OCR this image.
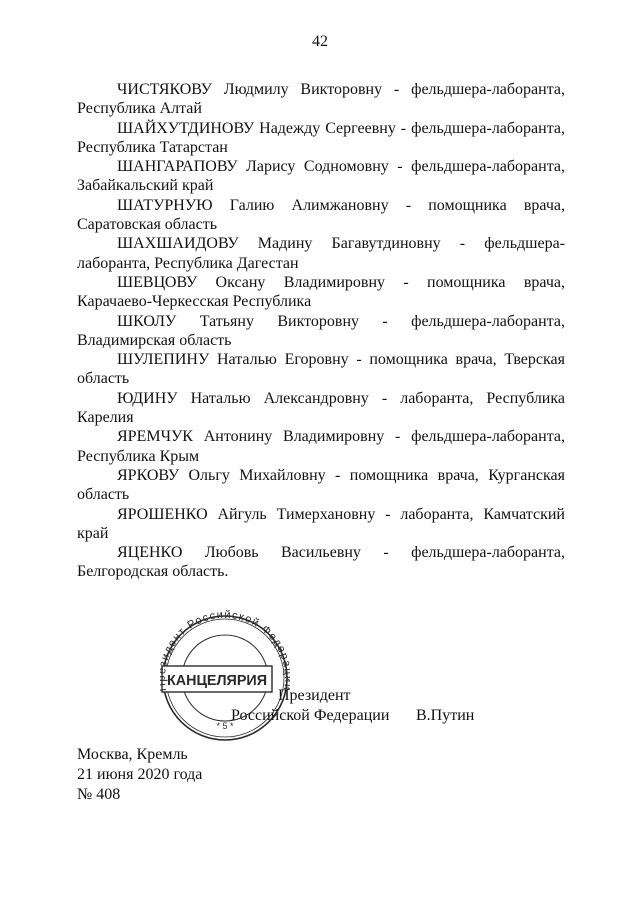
42

ЧИСТЯКОВУ Людмилу Викторовну - фельдшера-лаборанта, Республика Алтай

ШАЙХУТДИНОВУ Надежду Сергеевну - фельдшера-лаборанта, Республика Татарстан

ШАНГАРАПОВУ Ларису Содномовну - фельдшера-лаборанта, Забайкальский край

ШАТУРНУЮ Галию Алимжановну - помощника врача, Саратовская область

ШАХШАИДОВУ Мадину Багавутдиновну - фельдшера-лаборанта, Республика Дагестан

ШЕВЦОВУ Оксану Владимировну - помощника врача, Карачаево-Черкесская Республика

ШКОЛУ Татьяну Викторовну - фельдшера-лаборанта, Владимирская область

ШУЛЕПИНУ Наталью Егоровну - помощника врача, Тверская область

ЮДИНУ Наталью Александровну - лаборанта, Республика Карелия

ЯРЕМЧУК Антонину Владимировну - фельдшера-лаборанта, Республика Крым

ЯРКОВУ Ольгу Михайловну - помощника врача, Курганская область

ЯРОШЕНКО Айгуль Тимерхановну - лаборанта, Камчатский край

ЯЦЕНКО Любовь Васильевну - фельдшера-лаборанта, Белгородская область.

Президент
Российской Федерации В.Путин
идент Российской Федер
КАНЦЕЛЯРИЯ
* 5 *
Москва, Кремль
21 июня 2020 года
№ 408
